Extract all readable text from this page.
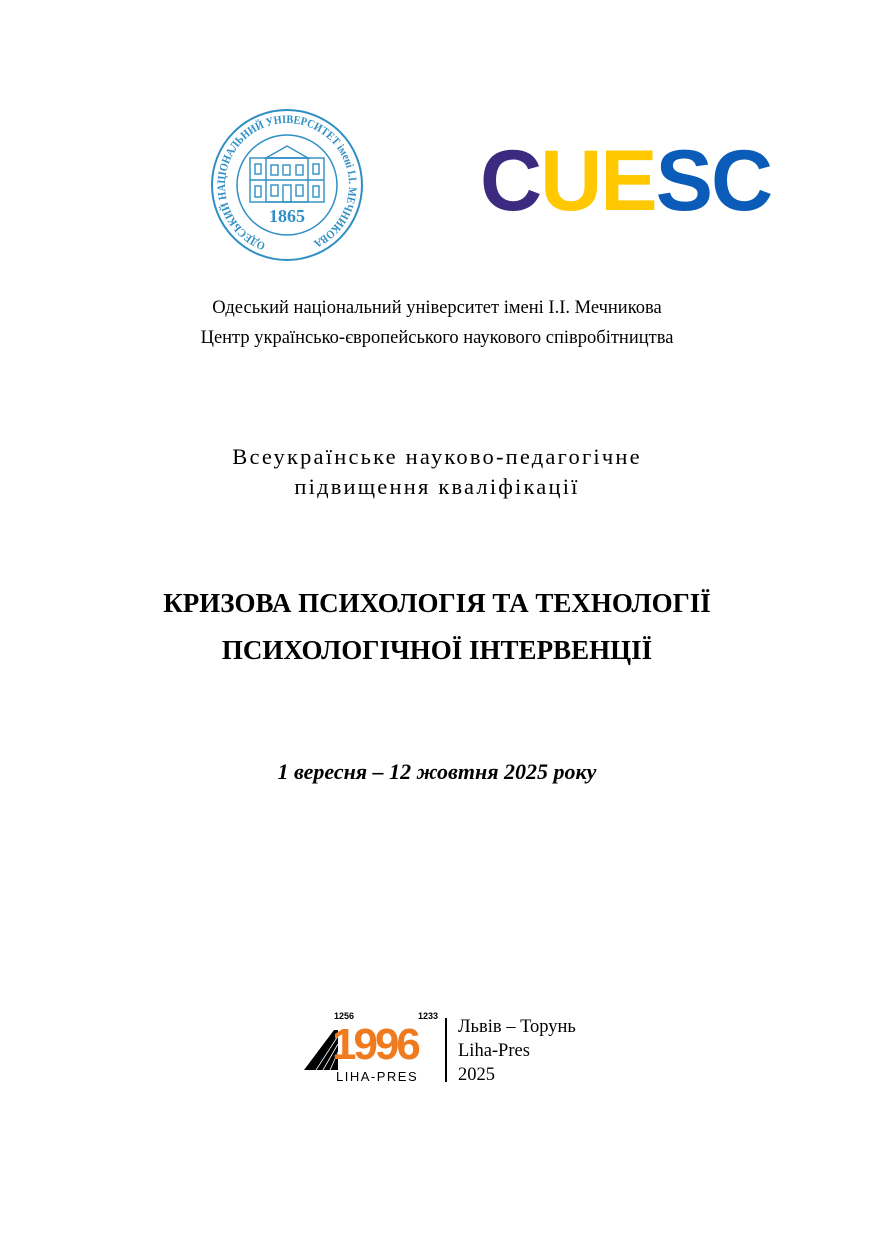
ОДЕСЬКИЙ НАЦІОНАЛЬНИЙ УНІВЕРСИТЕТ імені І.І. МЕЧНИКОВА
1865 CUESC
Одеський національний університет імені І.І. Мечникова
Центр українсько-європейського наукового співробітництва
Всеукраїнське науково-педагогічне
підвищення кваліфікації
КРИЗОВА ПСИХОЛОГІЯ ТА ТЕХНОЛОГІЇ
ПСИХОЛОГІЧНОЇ ІНТЕРВЕНЦІЇ
1 вересня – 12 жовтня 2025 року
1256	1233
1996
LIHA-PRES
Львів – Торунь
Liha-Pres
2025
